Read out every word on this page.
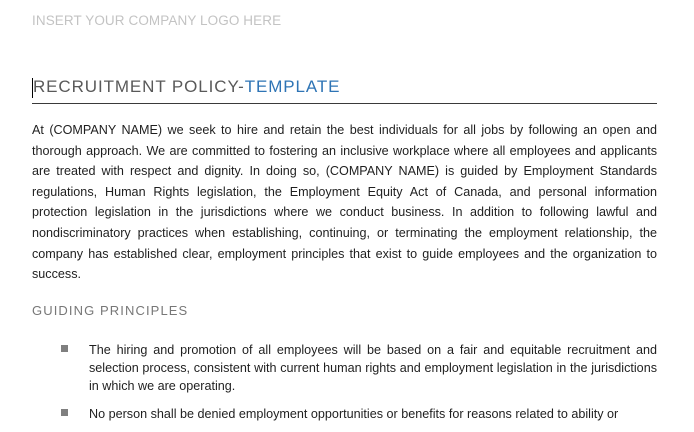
INSERT YOUR COMPANY LOGO HERE
RECRUITMENT POLICY-TEMPLATE

At (COMPANY NAME) we seek to hire and retain the best individuals for all jobs by following an open and thorough approach. We are committed to fostering an inclusive workplace where all employees and applicants are treated with respect and dignity. In doing so, (COMPANY NAME) is guided by Employment Standards regulations, Human Rights legislation, the Employment Equity Act of Canada, and personal information protection legislation in the jurisdictions where we conduct business. In addition to following lawful and nondiscriminatory practices when establishing, continuing, or terminating the employment relationship, the company has established clear, employment principles that exist to guide employees and the organization to success.

GUIDING PRINCIPLES
The hiring and promotion of all employees will be based on a fair and equitable recruitment and selection process, consistent with current human rights and employment legislation in the jurisdictions in which we are operating.
No person shall be denied employment opportunities or benefits for reasons related to ability or
